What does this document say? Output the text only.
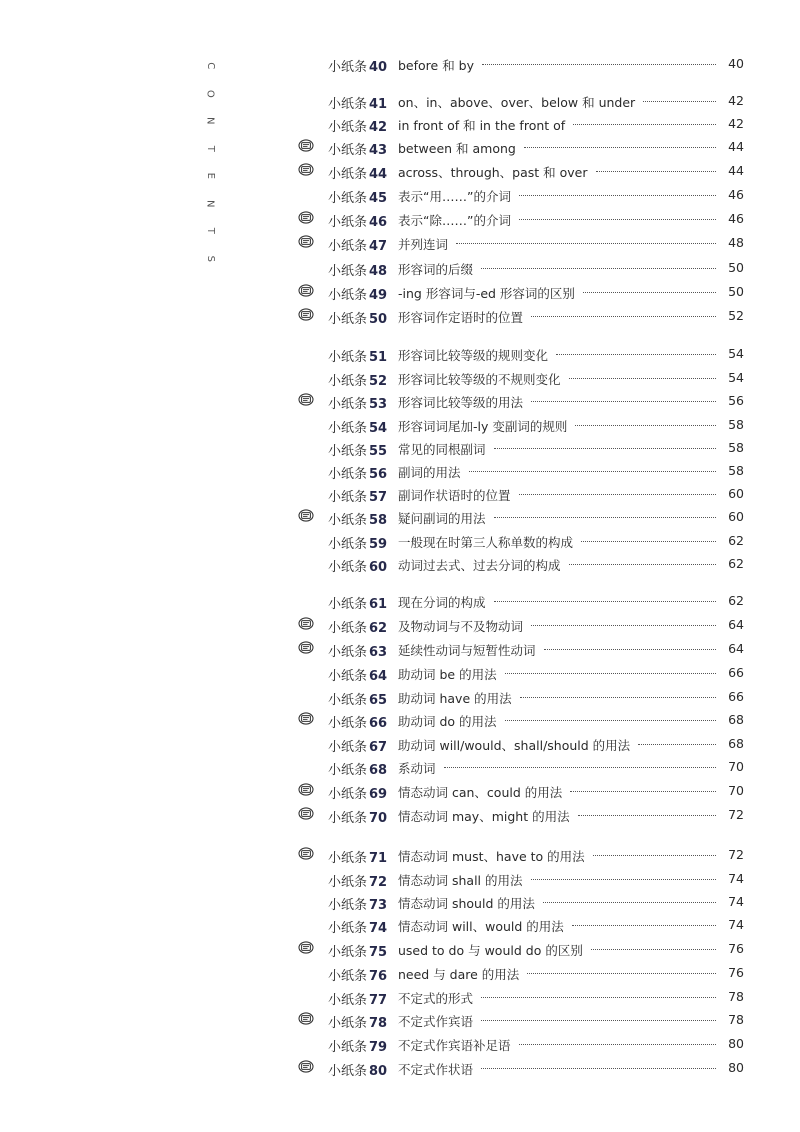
C
O
N
T
E
N
T
S
小纸条 40 before 和 by	40
小纸条 41 on、in、above、over、below 和 under	42
小纸条 42 in front of 和 in the front of	42
小纸条 43 between 和 among	44
小纸条 44 across、through、past 和 over	44
小纸条 45 表示“用……”的介词	46
小纸条 46 表示“除……”的介词	46
小纸条 47 并列连词	48
小纸条 48 形容词的后缀	50
小纸条 49 -ing 形容词与-ed 形容词的区别	50
小纸条 50 形容词作定语时的位置	52
小纸条 51 形容词比较等级的规则变化	54
小纸条 52 形容词比较等级的不规则变化	54
小纸条 53 形容词比较等级的用法	56
小纸条 54 形容词词尾加-ly 变副词的规则	58
小纸条 55 常见的同根副词	58
小纸条 56 副词的用法	58
小纸条 57 副词作状语时的位置	60
小纸条 58 疑问副词的用法	60
小纸条 59 一般现在时第三人称单数的构成	62
小纸条 60 动词过去式、过去分词的构成	62
小纸条 61 现在分词的构成	62
小纸条 62 及物动词与不及物动词	64
小纸条 63 延续性动词与短暂性动词	64
小纸条 64 助动词 be 的用法	66
小纸条 65 助动词 have 的用法	66
小纸条 66 助动词 do 的用法	68
小纸条 67 助动词 will/would、shall/should 的用法	68
小纸条 68 系动词	70
小纸条 69 情态动词 can、could 的用法	70
小纸条 70 情态动词 may、might 的用法	72
小纸条 71 情态动词 must、have to 的用法	72
小纸条 72 情态动词 shall 的用法	74
小纸条 73 情态动词 should 的用法	74
小纸条 74 情态动词 will、would 的用法	74
小纸条 75 used to do 与 would do 的区别	76
小纸条 76 need 与 dare 的用法	76
小纸条 77 不定式的形式	78
小纸条 78 不定式作宾语	78
小纸条 79 不定式作宾语补足语	80
小纸条 80 不定式作状语	80
